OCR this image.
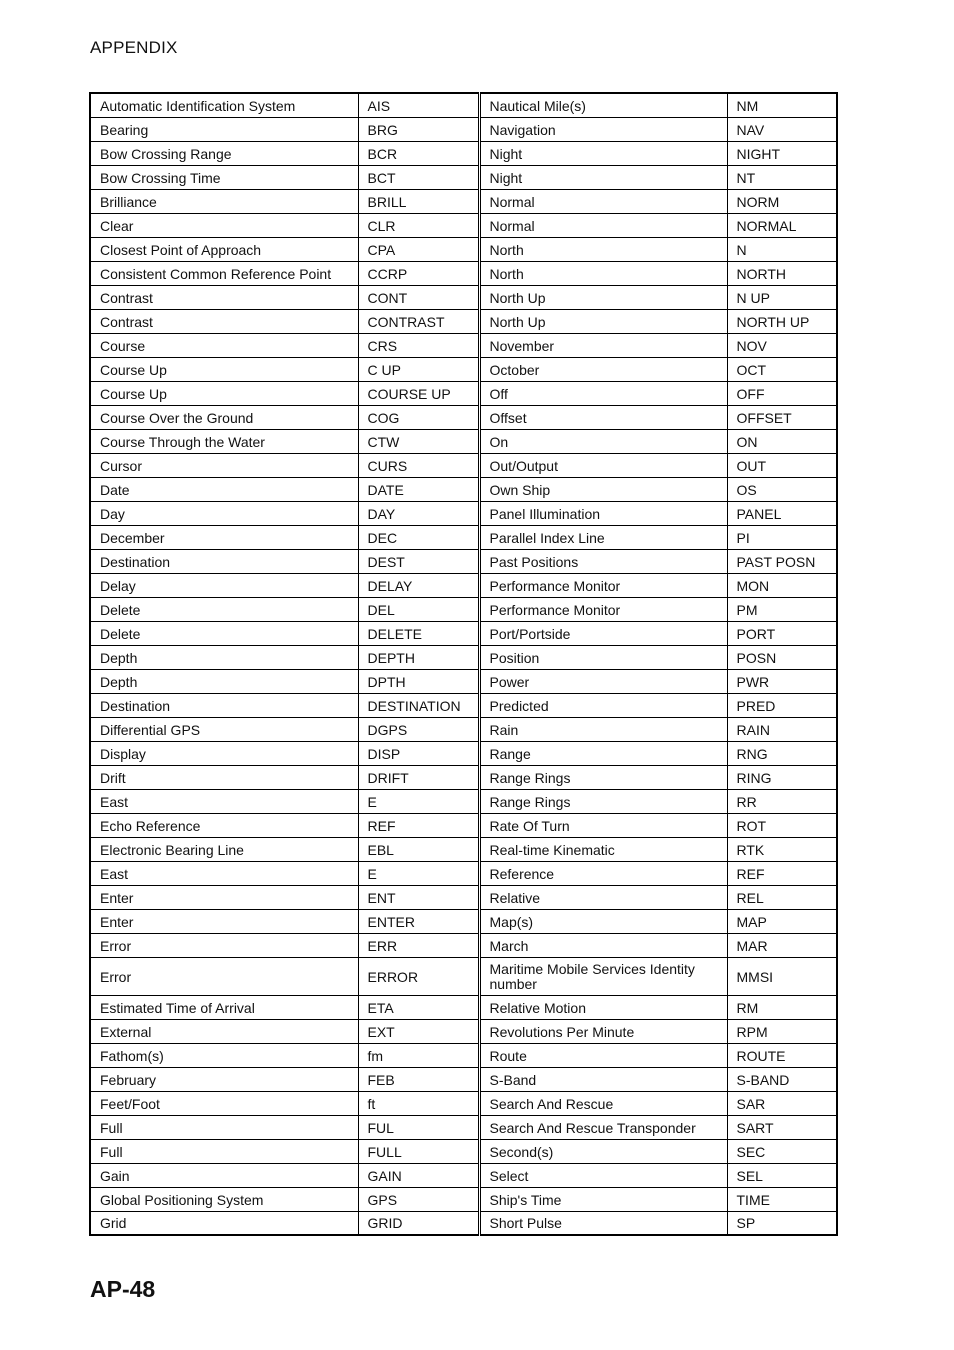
APPENDIX
Automatic Identification System	AIS	Nautical Mile(s)	NM
Bearing	BRG	Navigation	NAV
Bow Crossing Range	BCR	Night	NIGHT
Bow Crossing Time	BCT	Night	NT
Brilliance	BRILL	Normal	NORM
Clear	CLR	Normal	NORMAL
Closest Point of Approach	CPA	North	N
Consistent Common Reference Point	CCRP	North	NORTH
Contrast	CONT	North Up	N UP
Contrast	CONTRAST	North Up	NORTH UP
Course	CRS	November	NOV
Course Up	C UP	October	OCT
Course Up	COURSE UP	Off	OFF
Course Over the Ground	COG	Offset	OFFSET
Course Through the Water	CTW	On	ON
Cursor	CURS	Out/Output	OUT
Date	DATE	Own Ship	OS
Day	DAY	Panel Illumination	PANEL
December	DEC	Parallel Index Line	PI
Destination	DEST	Past Positions	PAST POSN
Delay	DELAY	Performance Monitor	MON
Delete	DEL	Performance Monitor	PM
Delete	DELETE	Port/Portside	PORT
Depth	DEPTH	Position	POSN
Depth	DPTH	Power	PWR
Destination	DESTINATION	Predicted	PRED
Differential GPS	DGPS	Rain	RAIN
Display	DISP	Range	RNG
Drift	DRIFT	Range Rings	RING
East	E	Range Rings	RR
Echo Reference	REF	Rate Of Turn	ROT
Electronic Bearing Line	EBL	Real-time Kinematic	RTK
East	E	Reference	REF
Enter	ENT	Relative	REL
Enter	ENTER	Map(s)	MAP
Error	ERR	March	MAR
Error	ERROR	Maritime Mobile Services Identity number	MMSI
Estimated Time of Arrival	ETA	Relative Motion	RM
External	EXT	Revolutions Per Minute	RPM
Fathom(s)	fm	Route	ROUTE
February	FEB	S-Band	S-BAND
Feet/Foot	ft	Search And Rescue	SAR
Full	FUL	Search And Rescue Transponder	SART
Full	FULL	Second(s)	SEC
Gain	GAIN	Select	SEL
Global Positioning System	GPS	Ship's Time	TIME
Grid	GRID	Short Pulse	SP
AP-48
